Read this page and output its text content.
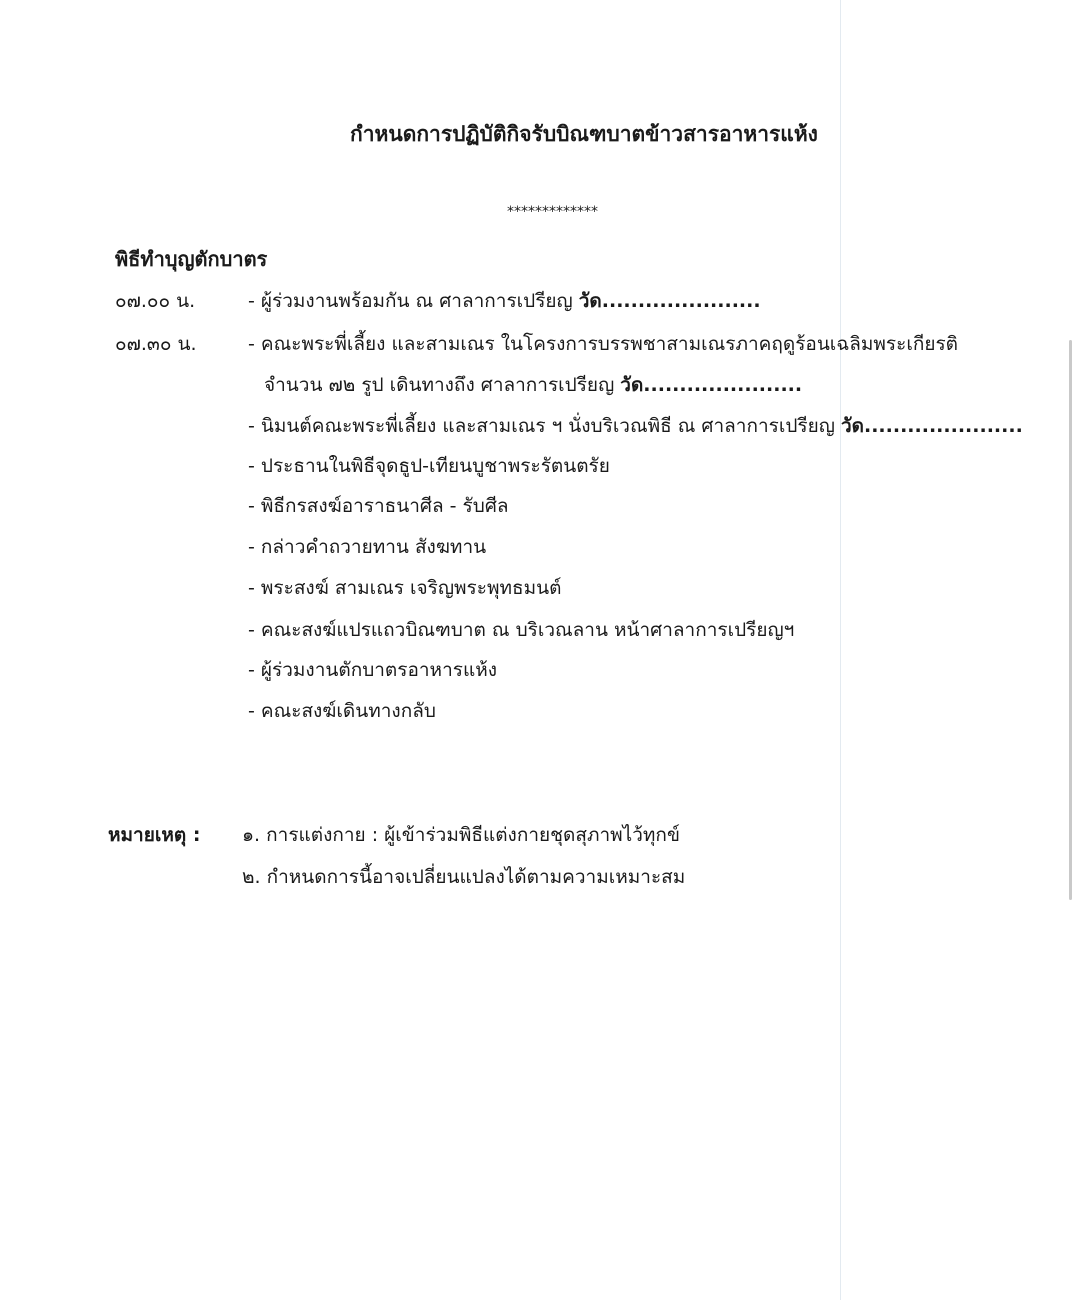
กำหนดการปฏิบัติกิจรับบิณฑบาตข้าวสารอาหารแห้ง
*************
พิธีทำบุญตักบาตร
๐๗.๐๐ น.	- ผู้ร่วมงานพร้อมกัน ณ ศาลาการเปรียญ วัด......................
๐๗.๓๐ น.	- คณะพระพี่เลี้ยง และสามเณร ในโครงการบรรพชาสามเณรภาคฤดูร้อนเฉลิมพระเกียรติ
จำนวน ๗๒ รูป เดินทางถึง ศาลาการเปรียญ วัด......................
- นิมนต์คณะพระพี่เลี้ยง และสามเณร ฯ นั่งบริเวณพิธี ณ ศาลาการเปรียญ วัด......................
- ประธานในพิธีจุดธูป-เทียนบูชาพระรัตนตรัย
- พิธีกรสงฆ์อาราธนาศีล - รับศีล
- กล่าวคำถวายทาน สังฆทาน
- พระสงฆ์ สามเณร เจริญพระพุทธมนต์
- คณะสงฆ์แปรแถวบิณฑบาต ณ บริเวณลาน หน้าศาลาการเปรียญฯ
- ผู้ร่วมงานตักบาตรอาหารแห้ง
- คณะสงฆ์เดินทางกลับ
หมายเหตุ : ๑. การแต่งกาย : ผู้เข้าร่วมพิธีแต่งกายชุดสุภาพไว้ทุกข์
๒. กำหนดการนี้อาจเปลี่ยนแปลงได้ตามความเหมาะสม
